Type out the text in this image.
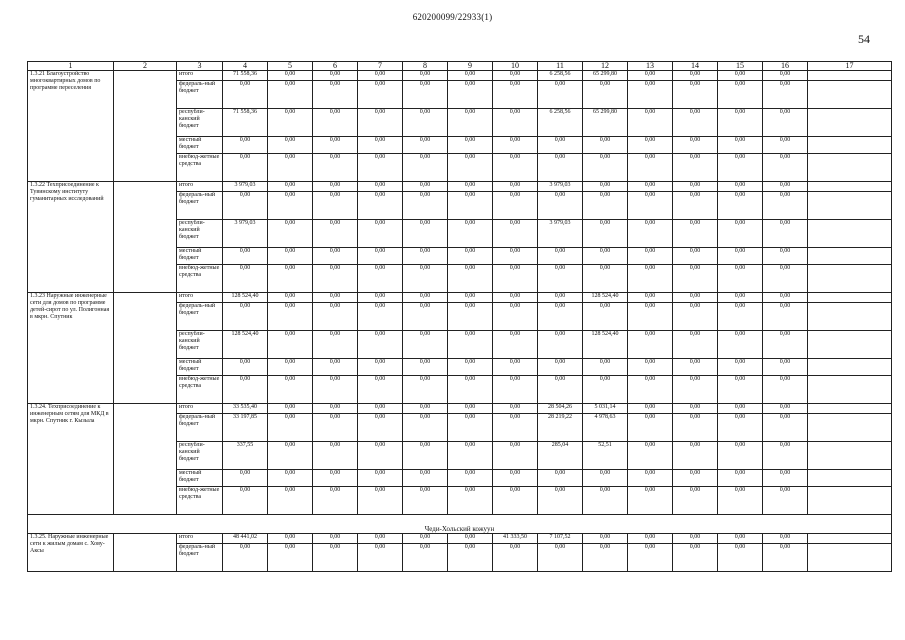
620200099/22933(1)
54
1	2	3	4	5	6	7	8	9	10	11	12	13	14	15	16	17
1.3.21 Благоустройство многоквартирных домов по программе переселения		итого	71 558,36	0,00	0,00	0,00	0,00	0,00	0,00	6 258,56	65 299,80	0,00	0,00	0,00	0,00	
		федераль-ный бюджет	0,00	0,00	0,00	0,00	0,00	0,00	0,00	0,00	0,00	0,00	0,00	0,00	0,00	
		республи-канский бюджет	71 558,36	0,00	0,00	0,00	0,00	0,00	0,00	6 258,56	65 299,80	0,00	0,00	0,00	0,00	
		местный бюджет	0,00	0,00	0,00	0,00	0,00	0,00	0,00	0,00	0,00	0,00	0,00	0,00	0,00	
		внебюд-жетные средства	0,00	0,00	0,00	0,00	0,00	0,00	0,00	0,00	0,00	0,00	0,00	0,00	0,00	
1.3.22 Техприсоединение к Тувинскому институту гуманитарных исследований		итого	3 979,03	0,00	0,00	0,00	0,00	0,00	0,00	3 979,03	0,00	0,00	0,00	0,00	0,00	
		федераль-ный бюджет	0,00	0,00	0,00	0,00	0,00	0,00	0,00	0,00	0,00	0,00	0,00	0,00	0,00	
		республи-канский бюджет	3 979,03	0,00	0,00	0,00	0,00	0,00	0,00	3 979,03	0,00	0,00	0,00	0,00	0,00	
		местный бюджет	0,00	0,00	0,00	0,00	0,00	0,00	0,00	0,00	0,00	0,00	0,00	0,00	0,00	
		внебюд-жетные средства	0,00	0,00	0,00	0,00	0,00	0,00	0,00	0,00	0,00	0,00	0,00	0,00	0,00	
1.3.23 Наружные инженерные сети для домов по программе детей-сирот по ул. Полигонная в мкрн. Спутник		итого	128 524,40	0,00	0,00	0,00	0,00	0,00	0,00	0,00	128 524,40	0,00	0,00	0,00	0,00	
		федераль-ный бюджет	0,00	0,00	0,00	0,00	0,00	0,00	0,00	0,00	0,00	0,00	0,00	0,00	0,00	
		республи-канский бюджет	128 524,40	0,00	0,00	0,00	0,00	0,00	0,00	0,00	128 524,40	0,00	0,00	0,00	0,00	
		местный бюджет	0,00	0,00	0,00	0,00	0,00	0,00	0,00	0,00	0,00	0,00	0,00	0,00	0,00	
		внебюд-жетные средства	0,00	0,00	0,00	0,00	0,00	0,00	0,00	0,00	0,00	0,00	0,00	0,00	0,00	
1.3.24. Техприсоединение к инженерным сетям для МКД в мкрн. Спутник г. Кызыла		итого	33 535,40	0,00	0,00	0,00	0,00	0,00	0,00	28 504,26	5 031,14	0,00	0,00	0,00	0,00	
		федераль-ный бюджет	33 197,85	0,00	0,00	0,00	0,00	0,00	0,00	28 219,22	4 978,63	0,00	0,00	0,00	0,00	
		республи-канский бюджет	337,55	0,00	0,00	0,00	0,00	0,00	0,00	285,04	52,51	0,00	0,00	0,00	0,00	
		местный бюджет	0,00	0,00	0,00	0,00	0,00	0,00	0,00	0,00	0,00	0,00	0,00	0,00	0,00	
		внебюд-жетные средства	0,00	0,00	0,00	0,00	0,00	0,00	0,00	0,00	0,00	0,00	0,00	0,00	0,00	
Чеди-Хольский кожуун																
1.3.25. Наружные инженерные сети к жилым домам с. Хову-Аксы		итого	48 441,02	0,00	0,00	0,00	0,00	0,00	41 333,50	7 107,52	0,00	0,00	0,00	0,00	0,00	
		федераль-ный бюджет	0,00	0,00	0,00	0,00	0,00	0,00	0,00	0,00	0,00	0,00	0,00	0,00	0,00	
